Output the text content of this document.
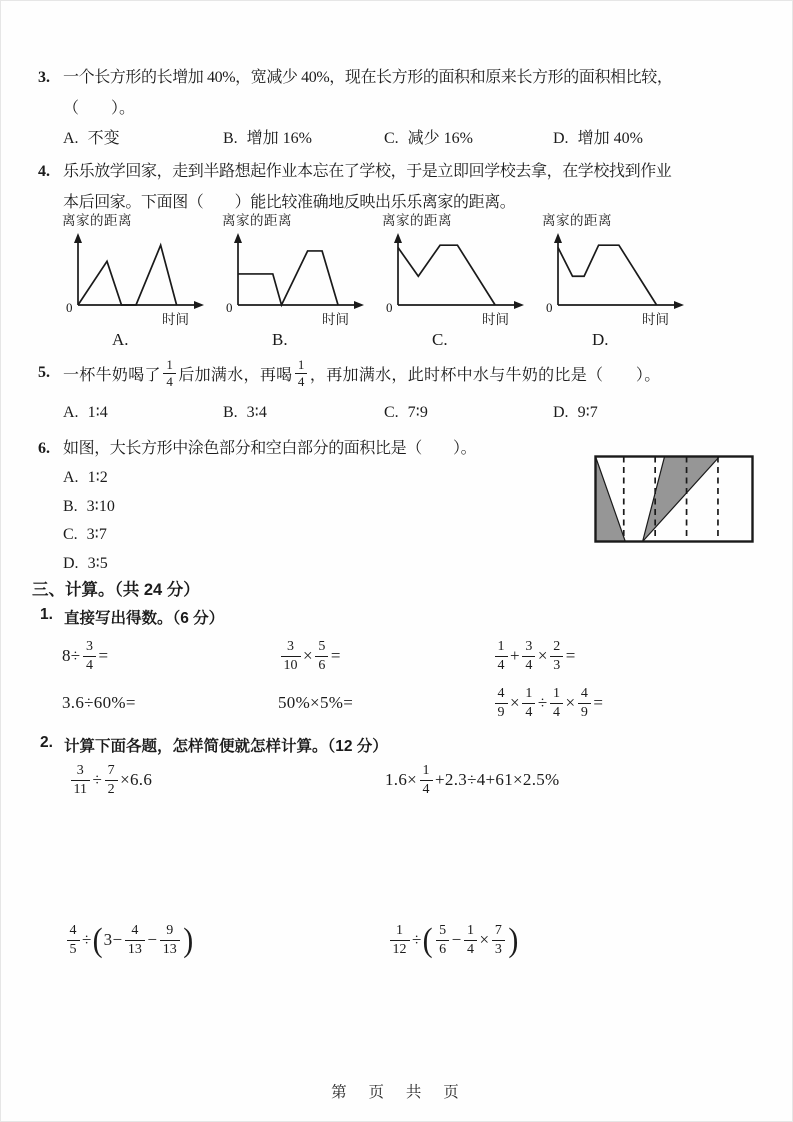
3. 一个长方形的长增加 40%，宽减少 40%，现在长方形的面积和原来长方形的面积相比较，
（　　）。
A. 不变	B. 增加 16%	C. 减少 16%	D. 增加 40%
4. 乐乐放学回家，走到半路想起作业本忘在了学校，于是立即回学校去拿，在学校找到作业
本后回家。下面图（　　）能比较准确地反映出乐乐离家的距离。
离家的距离
0
时间
A.
离家的距离
0
时间
B.
离家的距离
0
时间
C.
离家的距离
0
时间
D.
5. 一杯牛奶喝了 $\frac{1}{4}$ 后加满水，再喝 $\frac{1}{4}$ ，再加满水，此时杯中水与牛奶的比是（　　）。
A. 1∶4	B. 3∶4	C. 7∶9	D. 9∶7
6. 如图，大长方形中涂色部分和空白部分的面积比是（　　）。
A. 1∶2
B. 3∶10
C. 3∶7
D. 3∶5
三、计算。（共 24 分）
1. 直接写出得数。（6 分）
$8\div \frac{3}{4}$ =	$\frac{3}{10} \times \frac{5}{6}$ =	$\frac{1}{4} + \frac{3}{4} \times \frac{2}{3}$ =
3.6÷60%=	50%×5%=	$\frac{4}{9} \times \frac{1}{4} \div \frac{1}{4} \times \frac{4}{9}$ =
2. 计算下面各题，怎样简便就怎样计算。（12 分）
$\frac{3}{11} \div \frac{7}{2} \times 6.6$	$1.6\times \frac{1}{4} +2.3\div 4+61\times 2.5\%$
$\frac{4}{5}$ ÷ ( $3- \frac{4}{13} - \frac{9}{13}$ )	$\frac{1}{12}$ ÷ ( $\frac{5}{6} - \frac{1}{4} \times \frac{7}{3}$ )
第 页 共 页
